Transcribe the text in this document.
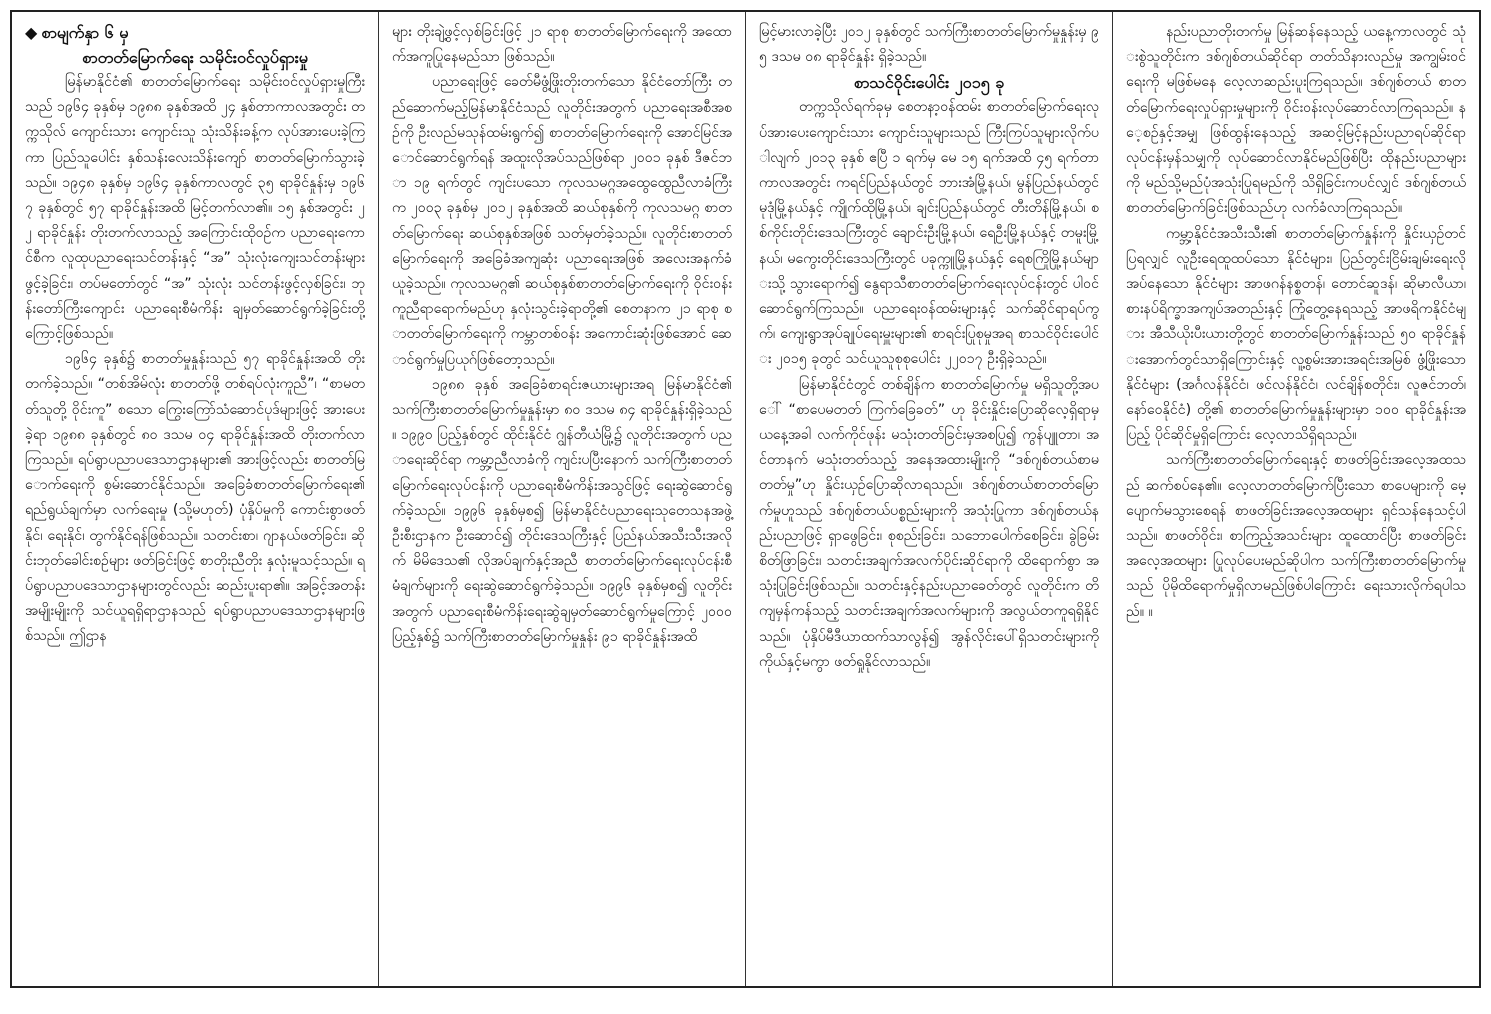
◆ စာမျက်နှာ ၆ မှ
စာတတ်မြောက်ရေး သမိုင်းဝင်လှုပ်ရှားမှု

မြန်မာနိုင်ငံ၏ စာတတ်မြောက်ရေး သမိုင်းဝင်လှုပ်ရှားမှုကြီးသည် ၁၉၆၄ ခုနှစ်မှ ၁၉၈၈ ခုနှစ်အထိ ၂၄ နှစ်တာကာလအတွင်း တက္ကသိုလ် ကျောင်းသား ကျောင်းသူ သုံးသိန်းခန့်က လုပ်အားပေးခဲ့ကြကာ ပြည်သူပေါင်း နှစ်သန်းလေးသိန်းကျော် စာတတ်မြောက်သွားခဲ့သည်။ ၁၉၄၈ ခုနှစ်မှ ၁၉၆၄ ခုနှစ်ကာလတွင် ၃၅ ရာခိုင်နှုန်းမှ ၁၉၆၇ ခုနှစ်တွင် ၅၇ ရာခိုင်နှုန်းအထိ မြင့်တက်လာ၏။ ၁၅ နှစ်အတွင်း ၂၂ ရာခိုင်နှုန်း တိုးတက်လာသည့် အကြောင်းထိုဝဥ်က ပညာရေးကောင်စီက လူထုပညာရေးသင်တန်းနှင့် “အ” သုံးလုံးကျေးသင်တန်းများဖွင့်ခဲ့ခြင်း၊ တပ်မတော်တွင် “အ” သုံးလုံး သင်တန်းဖွင့်လှစ်ခြင်း၊ ဘုန်းတော်ကြီးကျောင်း ပညာရေးစီမံကိန်း ချမှတ်ဆောင်ရွက်ခဲ့ခြင်းတို့ကြောင့်ဖြစ်သည်။

၁၉၆၄ ခုနှစ်၌ စာတတ်မှုနှုန်းသည် ၅၇ ရာခိုင်နှုန်းအထိ တိုးတက်ခဲ့သည်။ “တစ်အိမ်လုံး စာတတ်ဖို့ တစ်ရပ်လုံးကူညီ”၊ “စာမတတ်သူတို့ ဝိုင်းကူ” စသော ကြွေးကြော်သံဆောင်ပုဒ်များဖြင့် အားပေးခဲ့ရာ ၁၉၈၈ ခုနှစ်တွင် ၈၀ ဒသမ ၀၄ ရာခိုင်နှုန်းအထိ တိုးတက်လာကြသည်။ ရပ်ရွာပညာပဒေသာဌာနများ၏ အားဖြင့်လည်း စာတတ်မြောက်ရေးကို စွမ်းဆောင်နိုင်သည်။ အခြေခံစာတတ်မြောက်ရေး၏ ရည်ရွယ်ချက်မှာ လက်ရေးမှု (သို့မဟုတ်) ပုံနှိပ်မှုကို ကောင်းစွာဖတ်နိုင်၊ ရေးနိုင်၊ တွက်နိုင်ရန်ဖြစ်သည်။ သတင်းစာ၊ ဂျာနယ်ဖတ်ခြင်း၊ ဆိုင်းဘုတ်ခေါင်းစဉ်များ ဖတ်ခြင်းဖြင့် စာတိုးညီတိုး နှလုံးမူသင့်သည်။ ရပ်ရွာပညာပဒေသာဌာနများတွင်လည်း ဆည်းပူးရာ၏။ အခြင့်အတန်းအမျိုးမျိုးကို သင်ယူရရှိရာဌာနသည် ရပ်ရွာပညာပဒေသာဌာနများဖြစ်သည်။ ဤဌာန

များ တိုးချဲ့ဖွင့်လှစ်ခြင်းဖြင့် ၂၁ ရာစု စာတတ်မြောက်ရေးကို အထောက်အကူပြုနေမည်သာ ဖြစ်သည်။

ပညာရေးဖြင့် ခေတ်မီဖွံ့ဖြိုးတိုးတက်သော နိုင်ငံတော်ကြီး တည်ဆောက်မည့်မြန်မာနိုင်ငံသည် လူတိုင်းအတွက် ပညာရေးအစီအစဉ်ကို ဦးလည်မသုန်ထမ်းရွက်၍ စာတတ်မြောက်ရေးကို အောင်မြင်အောင်ဆောင်ရွက်ရန် အထူးလိုအပ်သည်ဖြစ်ရာ ၂၀၀၁ ခုနှစ် ဒီဇင်ဘာ ၁၉ ရက်တွင် ကျင်းပသော ကုလသမဂ္ဂအထွေထွေညီလာခံကြီးက ၂၀၀၃ ခုနှစ်မှ ၂၀၁၂ ခုနှစ်အထိ ဆယ်စုနှစ်ကို ကုလသမဂ္ဂ စာတတ်မြောက်ရေး ဆယ်စုနှစ်အဖြစ် သတ်မှတ်ခဲ့သည်။ လူတိုင်းစာတတ်မြောက်ရေးကို အခြေခံအကျဆုံး ပညာရေးအဖြစ် အလေးအနက်ခံယူခဲ့သည်။ ကုလသမဂ္ဂ၏ ဆယ်စုနှစ်စာတတ်မြောက်ရေးကို ဝိုင်းဝန်းကူညီရာရောက်မည်ဟု နှလုံးသွင်းခဲ့ရာတို့၏ စေတနာက ၂၁ ရာစု စာတတ်မြောက်ရေးကို ကမ္ဘာတစ်ဝန်း အကောင်းဆုံးဖြစ်အောင် ဆောင်ရွက်မှုပြယုဂ်ဖြစ်တော့သည်။

၁၉၈၈ ခုနှစ် အခြေခံစာရင်းဇယားများအရ မြန်မာနိုင်ငံ၏ သက်ကြီးစာတတ်မြောက်မှုနှုန်းမှာ ၈၀ ဒသမ ၈၄ ရာခိုင်နှုန်းရှိခဲ့သည်။ ၁၉၉၀ ပြည့်နှစ်တွင် ထိုင်းနိုင်ငံ ဂျွန်တီယံမြို့၌ လူတိုင်းအတွက် ပညာရေးဆိုင်ရာ ကမ္ဘာ့ညီလာခံကို ကျင်းပပြီးနောက် သက်ကြီးစာတတ်မြောက်ရေးလုပ်ငန်းကို ပညာရေးစီမံကိန်းအသွင်ဖြင့် ရေးဆွဲဆောင်ရွက်ခဲ့သည်။ ၁၉၉၆ ခုနှစ်မှစ၍ မြန်မာနိုင်ငံပညာရေးသုတေသနအဖွဲ့ ဦးစီးဌာနက ဦးဆောင်၍ တိုင်းဒေသကြီးနှင့် ပြည်နယ်အသီးသီးအလိုက် မိမိဒေသ၏ လိုအပ်ချက်နှင့်အညီ စာတတ်မြောက်ရေးလုပ်ငန်းစီမံချက်များကို ရေးဆွဲဆောင်ရွက်ခဲ့သည်။ ၁၉၉၆ ခုနှစ်မှစ၍ လူတိုင်းအတွက် ပညာရေးစီမံကိန်းရေးဆွဲချမှတ်ဆောင်ရွက်မှုကြောင့် ၂၀၀၀ ပြည့်နှစ်၌ သက်ကြီးစာတတ်မြောက်မှုနှုန်း ၉၁ ရာခိုင်နှုန်းအထိ

မြင့်မားလာခဲ့ပြီး ၂၀၁၂ ခုနှစ်တွင် သက်ကြီးစာတတ်မြောက်မှုနှုန်းမှ ၉၅ ဒသမ ၀၈ ရာခိုင်နှုန်း ရှိခဲ့သည်။

စာသင်ဝိုင်းပေါင်း ၂၀၁၅ ခု

တက္ကသိုလ်ရက်ခုမှ စေတနာ့ဝန်ထမ်း စာတတ်မြောက်ရေးလုပ်အားပေးကျောင်းသား ကျောင်းသူများသည် ကြီးကြပ်သူများလိုက်ပါလျက် ၂၀၁၃ ခုနှစ် ဧပြီ ၁ ရက်မှ မေ ၁၅ ရက်အထိ ၄၅ ရက်တာကာလအတွင်း ကရင်ပြည်နယ်တွင် ဘားအံမြို့နယ်၊ မွန်ပြည်နယ်တွင် မုဒုံမြို့နယ်နှင့် ကျိုက်ထိုမြို့နယ်၊ ချင်းပြည်နယ်တွင် တီးတိန်မြို့နယ်၊ စစ်ကိုင်းတိုင်းဒေသကြီးတွင် ချောင်းဦးမြို့နယ်၊ ရေဦးမြို့နယ်နှင့် တမူးမြို့နယ်၊ မကွေးတိုင်းဒေသကြီးတွင် ပခုက္ကူမြို့နယ်နှင့် ရေစကြိုမြို့နယ်များသို့ သွားရောက်၍ နွေရာသီစာတတ်မြောက်ရေးလုပ်ငန်းတွင် ပါဝင်ဆောင်ရွက်ကြသည်။ ပညာရေးဝန်ထမ်းများနှင့် သက်ဆိုင်ရာရပ်ကွက်၊ ကျေးရွာအုပ်ချုပ်ရေးမှူးများ၏ စာရင်းပြုစုမှုအရ စာသင်ဝိုင်းပေါင်း ၂၀၁၅ ခုတွင် သင်ယူသူစုစုပေါင်း ၂၂၀၁၇ ဦးရှိခဲ့သည်။

မြန်မာနိုင်ငံတွင် တစ်ချိန်က စာတတ်မြောက်မှု မရှိသူတို့အပေါ် “စာပေမတတ် ကြက်ခြေခတ်” ဟု ခိုင်းနှိုင်းပြောဆိုလေ့ရှိရာမှ ယနေ့အခါ လက်ကိုင်ဖုန်း မသုံးတတ်ခြင်းမှအစပြု၍ ကွန်ပျူတာ၊ အင်တာနက် မသုံးတတ်သည့် အနေအထားမျိုးကို “ဒစ်ဂျစ်တယ်စာမတတ်မှု”ဟု နှိုင်းယှဉ်ပြောဆိုလာရသည်။ ဒစ်ဂျစ်တယ်စာတတ်မြောက်မှုဟူသည် ဒစ်ဂျစ်တယ်ပစ္စည်းများကို အသုံးပြုကာ ဒစ်ဂျစ်တယ်နည်းပညာဖြင့် ရှာဖွေခြင်း၊ စုစည်းခြင်း၊ သဘောပေါက်စေခြင်း၊ ခွဲခြမ်းစိတ်ဖြာခြင်း၊ သတင်းအချက်အလက်ပိုင်းဆိုင်ရာကို ထိရောက်စွာ အသုံးပြုခြင်းဖြစ်သည်။ သတင်းနှင့်နည်းပညာခေတ်တွင် လူတိုင်းက တိကျမှန်ကန်သည့် သတင်းအချက်အလက်များကို အလွယ်တကူရရှိနိုင်သည်။ ပုံနှိပ်မီဒီယာထက်သာလွန်၍ အွန်လိုင်းပေါ်ရှိသတင်းများကို ကိုယ်နှင့်မကွာ ဖတ်ရှုနိုင်လာသည်။

နည်းပညာတိုးတက်မှု မြန်ဆန်နေသည့် ယနေ့ကာလတွင် သုံးစွဲသူတိုင်းက ဒစ်ဂျစ်တယ်ဆိုင်ရာ တတ်သိနားလည်မှု အကျွမ်းဝင်ရေးကို မဖြစ်မနေ လေ့လာဆည်းပူးကြရသည်။ ဒစ်ဂျစ်တယ် စာတတ်မြောက်ရေးလှုပ်ရှားမှုများကို ဝိုင်းဝန်းလုပ်ဆောင်လာကြရသည်။ နေ့စဉ်နှင့်အမျှ ဖြစ်ထွန်းနေသည့် အဆင့်မြင့်နည်းပညာရပ်ဆိုင်ရာ လုပ်ငန်းမှန်သမျှကို လုပ်ဆောင်လာနိုင်မည်ဖြစ်ပြီး ထိုနည်းပညာများကို မည်သို့မည်ပုံအသုံးပြုရမည်ကို သိရှိခြင်းကပင်လျှင် ဒစ်ဂျစ်တယ်စာတတ်မြောက်ခြင်းဖြစ်သည်ဟု လက်ခံလာကြရသည်။

ကမ္ဘာ့နိုင်ငံအသီးသီး၏ စာတတ်မြောက်နှုန်းကို နှိုင်းယှဉ်တင်ပြရလျှင် လူဦးရေထူထပ်သော နိုင်ငံများ၊ ပြည်တွင်းငြိမ်းချမ်းရေးလိုအပ်နေသော နိုင်ငံများ အာဖဂန်နစ္စတန်၊ တောင်ဆူဒန်၊ ဆိုမာလီယာ၊ စားနပ်ရိက္ခာအကျပ်အတည်းနှင့် ကြုံတွေ့နေရသည့် အာဖရိကနိုင်ငံများ အီသီယိုးပီးယားတို့တွင် စာတတ်မြောက်နှုန်းသည် ၅၀ ရာခိုင်နှုန်းအောက်တွင်သာရှိကြောင်းနှင့် လူ့စွမ်းအားအရင်းအမြစ် ဖွံ့ဖြိုးသောနိုင်ငံများ (အင်္ဂလန်နိုင်ငံ၊ ဖင်လန်နိုင်ငံ၊ လင်ချိန်စတိုင်း၊ လူဇင်ဘတ်၊ နော်ဝေနိုင်ငံ) တို့၏ စာတတ်မြောက်မှုနှုန်းများမှာ ၁၀၀ ရာခိုင်နှုန်းအပြည့် ပိုင်ဆိုင်မှုရှိကြောင်း လေ့လာသိရှိရသည်။

သက်ကြီးစာတတ်မြောက်ရေးနှင့် စာဖတ်ခြင်းအလေ့အထသည် ဆက်စပ်နေ၏။ လေ့လာတတ်မြောက်ပြီးသော စာပေများကို မေ့ပျောက်မသွားစေရန် စာဖတ်ခြင်းအလေ့အထများ ရှင်သန်နေသင့်ပါသည်။ စာဖတ်ဝိုင်း၊ စာကြည့်အသင်းများ ထူထောင်ပြီး စာဖတ်ခြင်းအလေ့အထများ ပြုလုပ်ပေးမည်ဆိုပါက သက်ကြီးစာတတ်မြောက်မှုသည် ပိုမိုထိရောက်မှုရှိလာမည်ဖြစ်ပါကြောင်း ရေးသားလိုက်ရပါသည်။ ။
